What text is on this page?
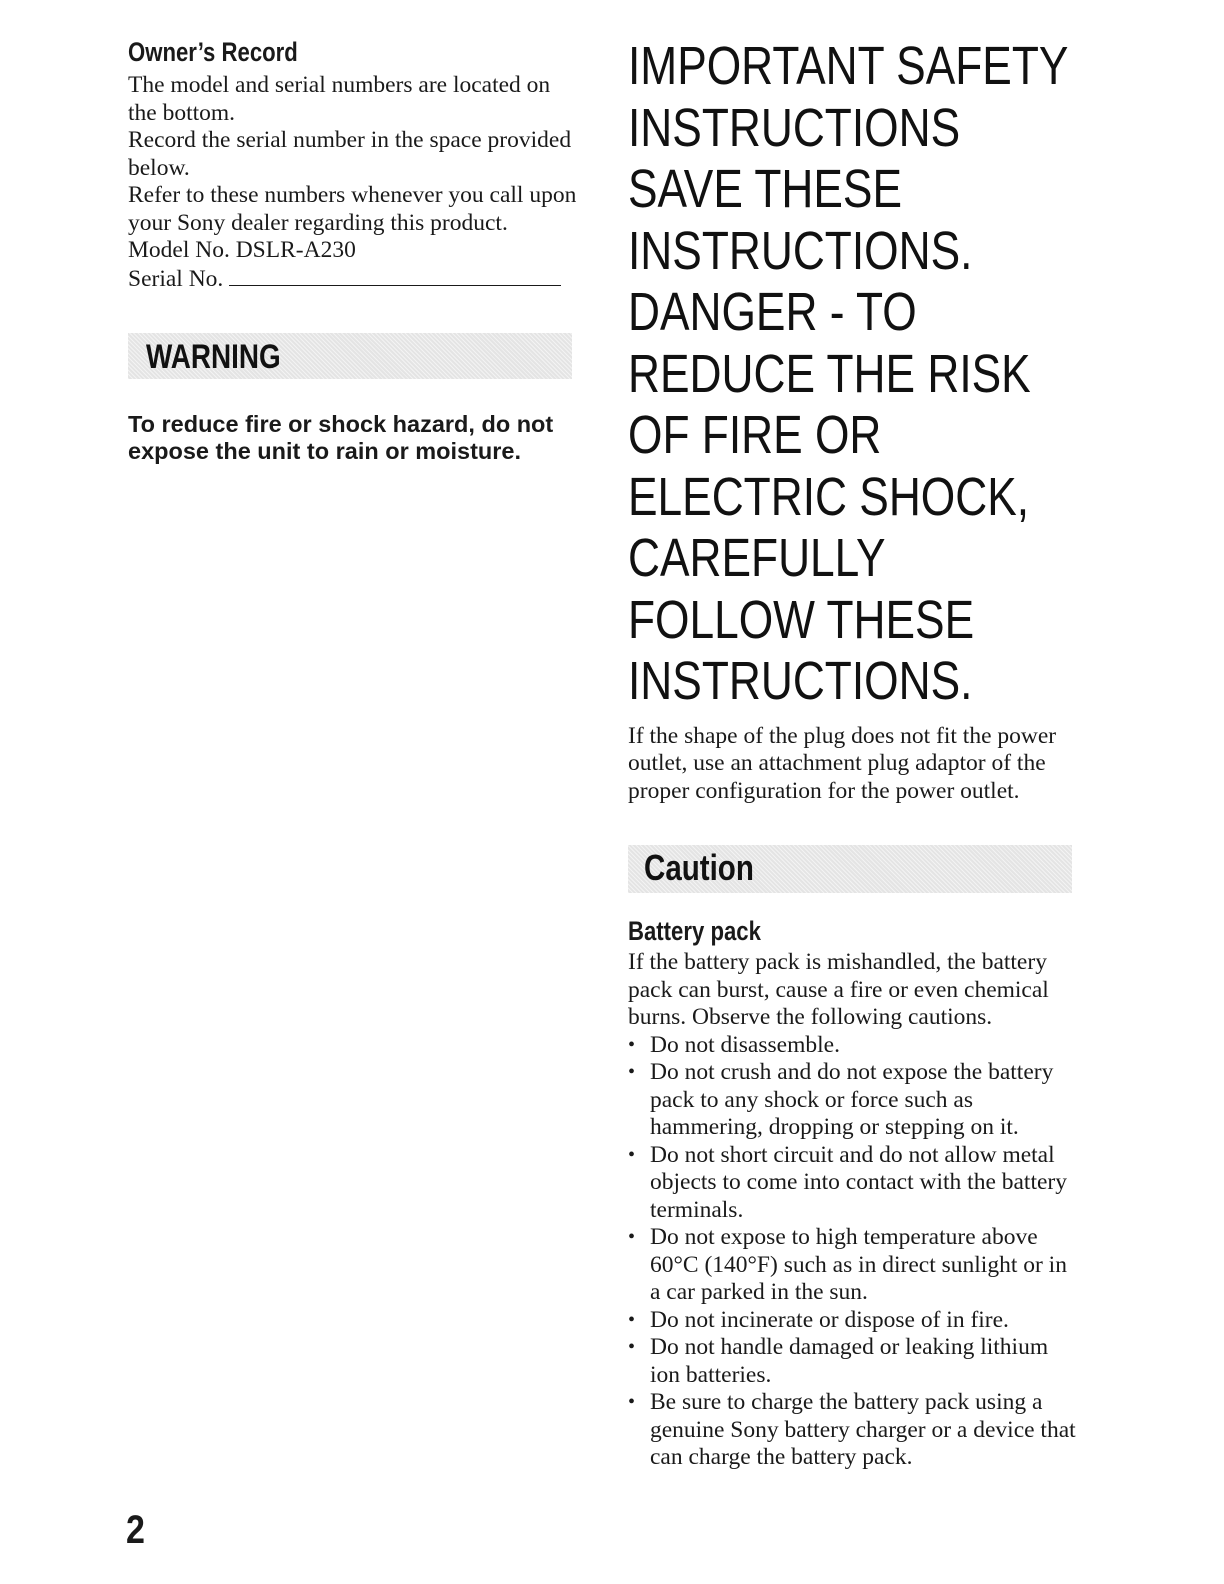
Owner’s Record

The model and serial numbers are located on the bottom.

Record the serial number in the space provided below.

Refer to these numbers whenever you call upon your Sony dealer regarding this product.

Model No. DSLR-A230

Serial No.

WARNING

To reduce fire or shock hazard, do not expose the unit to rain or moisture.

IMPORTANT SAFETY
INSTRUCTIONS
SAVE THESE
INSTRUCTIONS.
DANGER - TO
REDUCE THE RISK
OF FIRE OR
ELECTRIC SHOCK,
CAREFULLY
FOLLOW THESE
INSTRUCTIONS.

If the shape of the plug does not fit the power outlet, use an attachment plug adaptor of the proper configuration for the power outlet.

Caution
Battery pack

If the battery pack is mishandled, the battery pack can burst, cause a fire or even chemical burns. Observe the following cautions.

• Do not disassemble.
• Do not crush and do not expose the battery pack to any shock or force such as hammering, dropping or stepping on it.
• Do not short circuit and do not allow metal objects to come into contact with the battery terminals.
• Do not expose to high temperature above 60°C (140°F) such as in direct sunlight or in a car parked in the sun.
• Do not incinerate or dispose of in fire.
• Do not handle damaged or leaking lithium ion batteries.
• Be sure to charge the battery pack using a genuine Sony battery charger or a device that can charge the battery pack.
2
